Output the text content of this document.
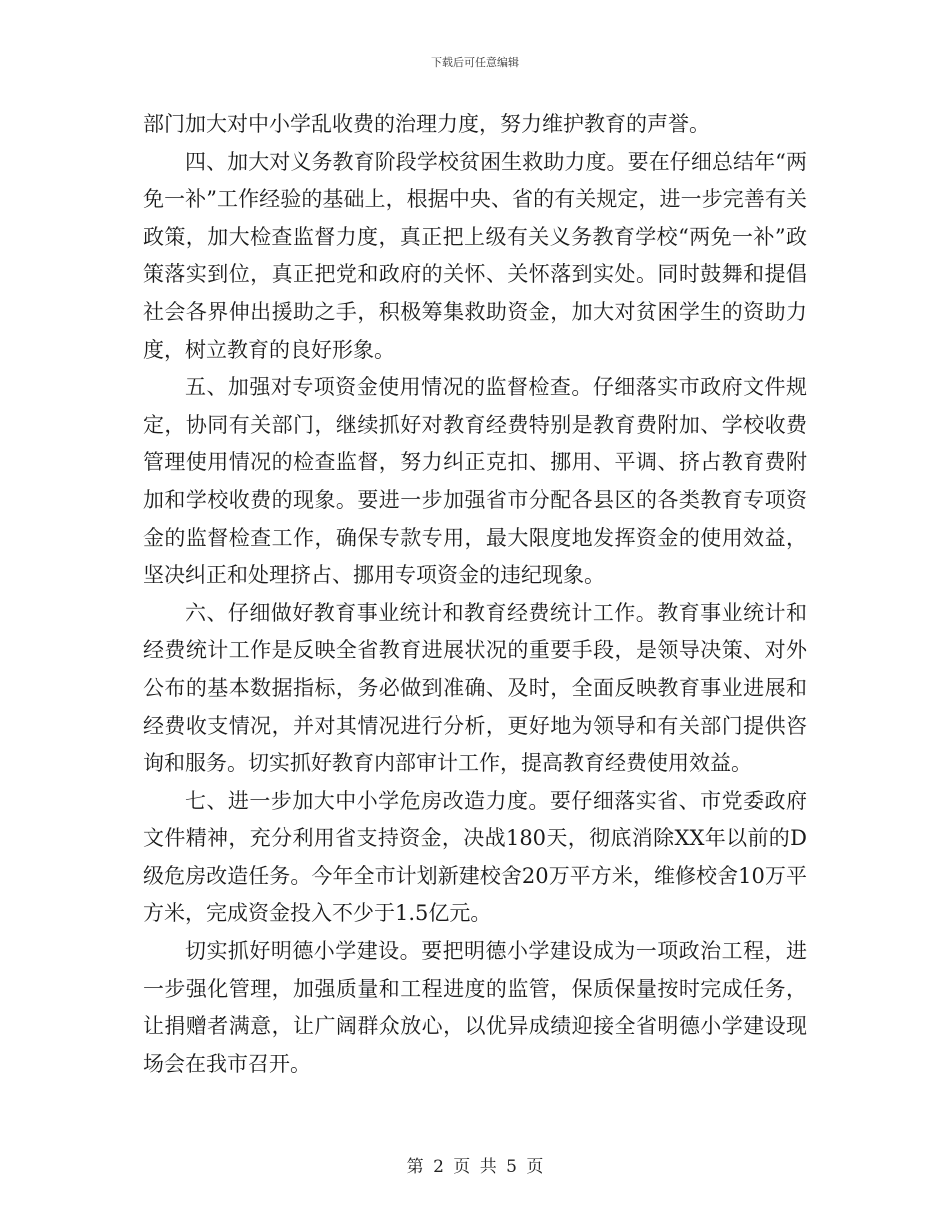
下载后可任意编辑

部门加大对中小学乱收费的治理力度，努力维护教育的声誉。

四、加大对义务教育阶段学校贫困生救助力度。要在仔细总结年“两免一补”工作经验的基础上，根据中央、省的有关规定，进一步完善有关政策，加大检查监督力度，真正把上级有关义务教育学校“两免一补”政策落实到位，真正把党和政府的关怀、关怀落到实处。同时鼓舞和提倡社会各界伸出援助之手，积极筹集救助资金，加大对贫困学生的资助力度，树立教育的良好形象。

五、加强对专项资金使用情况的监督检查。仔细落实市政府文件规定，协同有关部门，继续抓好对教育经费特别是教育费附加、学校收费管理使用情况的检查监督，努力纠正克扣、挪用、平调、挤占教育费附加和学校收费的现象。要进一步加强省市分配各县区的各类教育专项资金的监督检查工作，确保专款专用，最大限度地发挥资金的使用效益，坚决纠正和处理挤占、挪用专项资金的违纪现象。

六、仔细做好教育事业统计和教育经费统计工作。教育事业统计和经费统计工作是反映全省教育进展状况的重要手段，是领导决策、对外公布的基本数据指标，务必做到准确、及时，全面反映教育事业进展和经费收支情况，并对其情况进行分析，更好地为领导和有关部门提供咨询和服务。切实抓好教育内部审计工作，提高教育经费使用效益。

七、进一步加大中小学危房改造力度。要仔细落实省、市党委政府文件精神，充分利用省支持资金，决战180天，彻底消除XX年以前的D级危房改造任务。今年全市计划新建校舍20万平方米，维修校舍10万平方米，完成资金投入不少于1.5亿元。

切实抓好明德小学建设。要把明德小学建设成为一项政治工程，进一步强化管理，加强质量和工程进度的监管，保质保量按时完成任务，让捐赠者满意，让广阔群众放心，以优异成绩迎接全省明德小学建设现场会在我市召开。

第 2 页 共 5 页
